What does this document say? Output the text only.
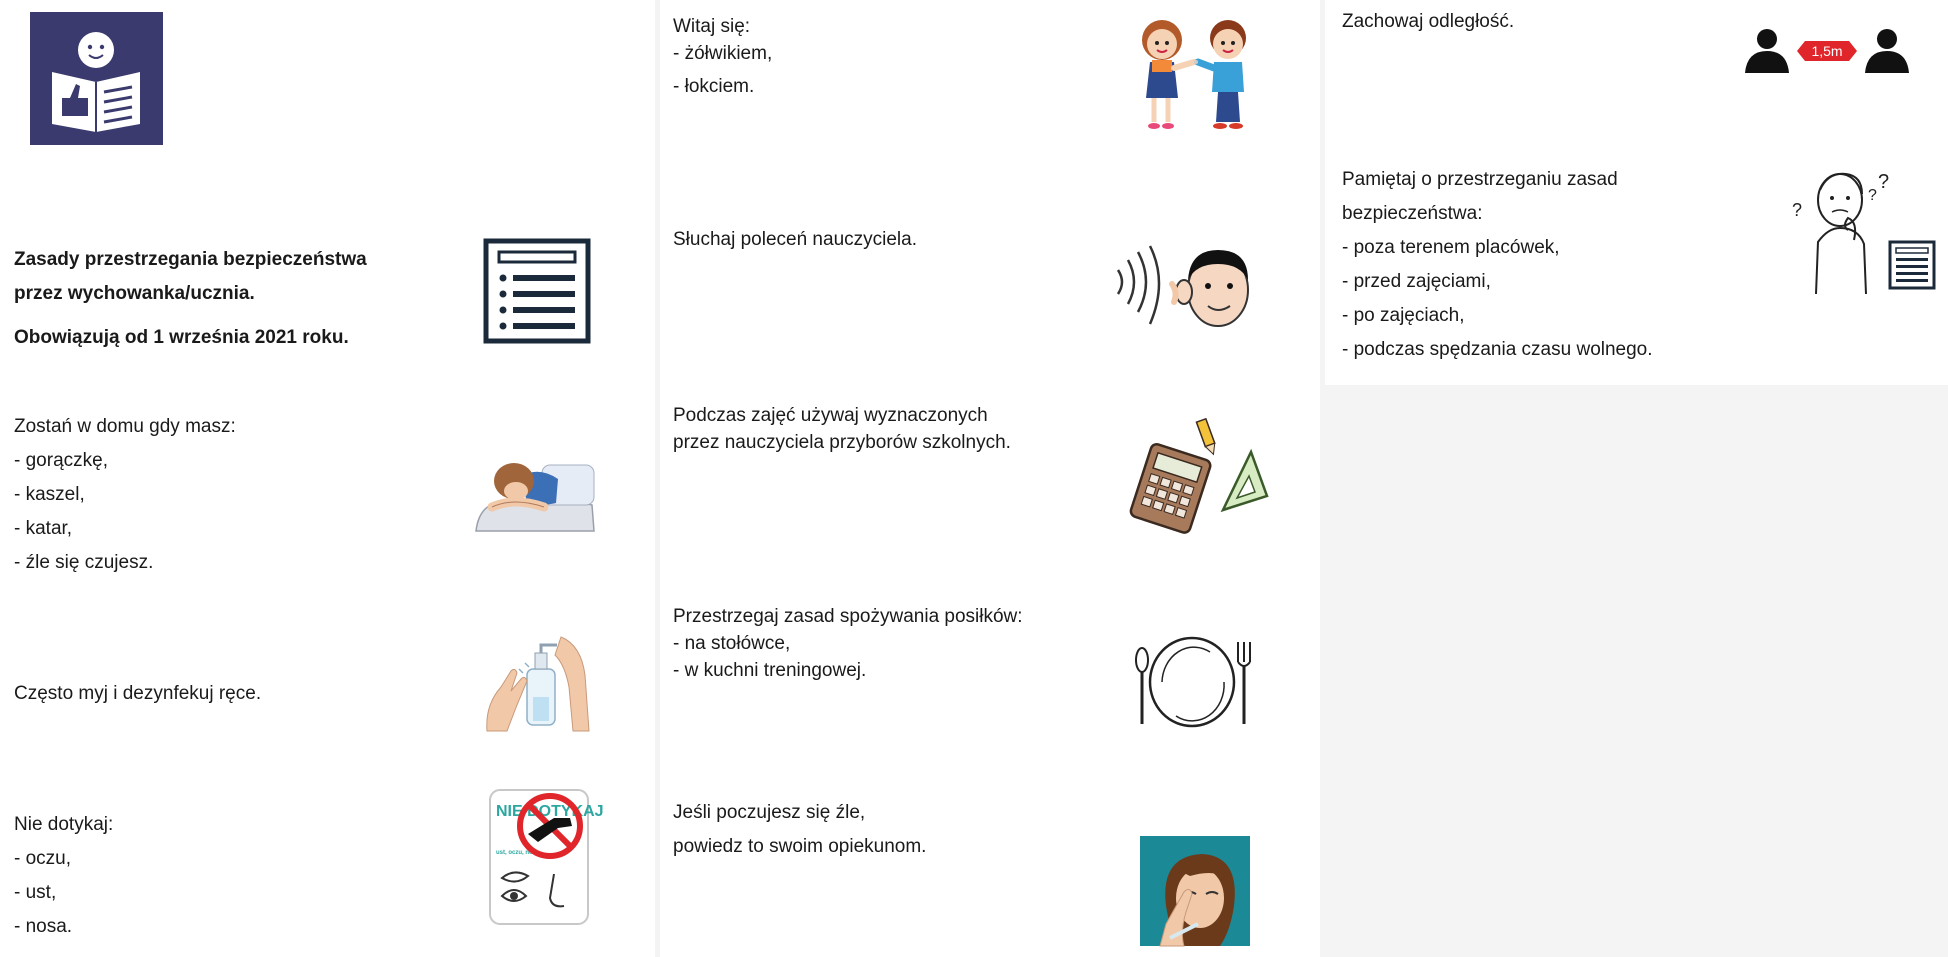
Zasady przestrzegania bezpieczeństwa
przez wychowanka/ucznia.
Obowiązują od 1 września 2021 roku.
Zostań w domu gdy masz:
- gorączkę,
- kaszel,
- katar,
- źle się czujesz.
Często myj i dezynfekuj ręce.
Nie dotykaj:
- oczu,
- ust,
- nosa.
NIE DOTYKAJ
ust, oczu, nosa
Witaj się:
- żółwikiem,
- łokciem.
Słuchaj poleceń nauczyciela.
Podczas zajęć używaj wyznaczonych
przez nauczyciela przyborów szkolnych.
Przestrzegaj zasad spożywania posiłków:
- na stołówce,
- w kuchni treningowej.
Jeśli poczujesz się źle,
powiedz to swoim opiekunom.
Zachowaj odległość.
1,5m
Pamiętaj o przestrzeganiu zasad
bezpieczeństwa:
- poza terenem placówek,
- przed zajęciami,
- po zajęciach,
- podczas spędzania czasu wolnego.
?
?
?
